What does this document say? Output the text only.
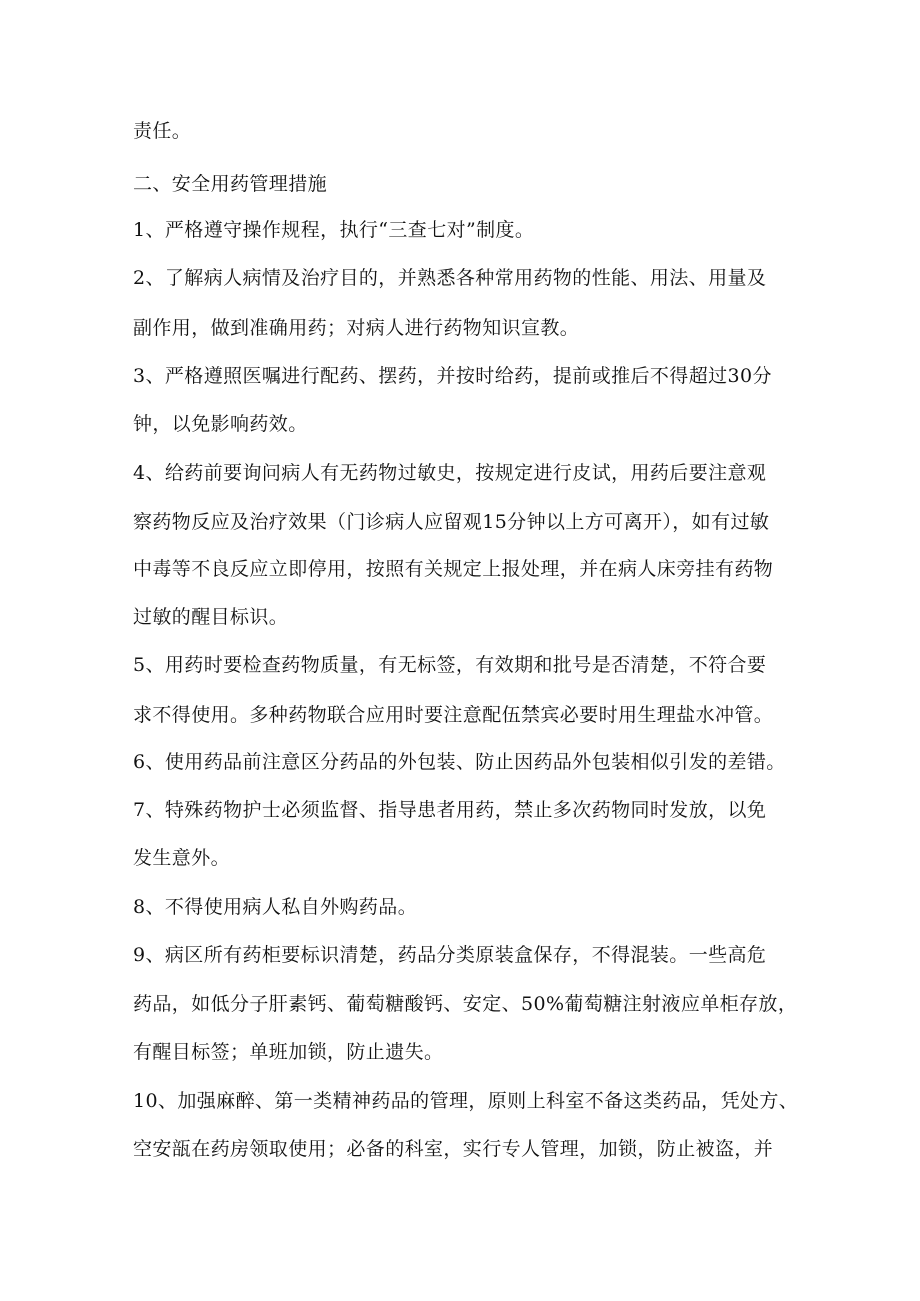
责任。
二、安全用药管理措施
1、严格遵守操作规程，执行“三查七对”制度。
2、了解病人病情及治疗目的，并熟悉各种常用药物的性能、用法、用量及
副作用，做到准确用药；对病人进行药物知识宣教。
3、严格遵照医嘱进行配药、摆药，并按时给药，提前或推后不得超过30分
钟，以免影响药效。
4、给药前要询问病人有无药物过敏史，按规定进行皮试，用药后要注意观
察药物反应及治疗效果（门诊病人应留观15分钟以上方可离开），如有过敏
中毒等不良反应立即停用，按照有关规定上报处理，并在病人床旁挂有药物
过敏的醒目标识。
5、用药时要检查药物质量，有无标签，有效期和批号是否清楚，不符合要
求不得使用。多种药物联合应用时要注意配伍禁宾必要时用生理盐水冲管。
6、使用药品前注意区分药品的外包装、防止因药品外包装相似引发的差错。
7、特殊药物护士必须监督、指导患者用药，禁止多次药物同时发放，以免
发生意外。
8、不得使用病人私自外购药品。
9、病区所有药柜要标识清楚，药品分类原装盒保存，不得混装。一些高危
药品，如低分子肝素钙、葡萄糖酸钙、安定、50%葡萄糖注射液应单柜存放，
有醒目标签；单班加锁，防止遗失。
10、加强麻醉、第一类精神药品的管理，原则上科室不备这类药品，凭处方、
空安瓿在药房领取使用；必备的科室，实行专人管理，加锁，防止被盗，并
